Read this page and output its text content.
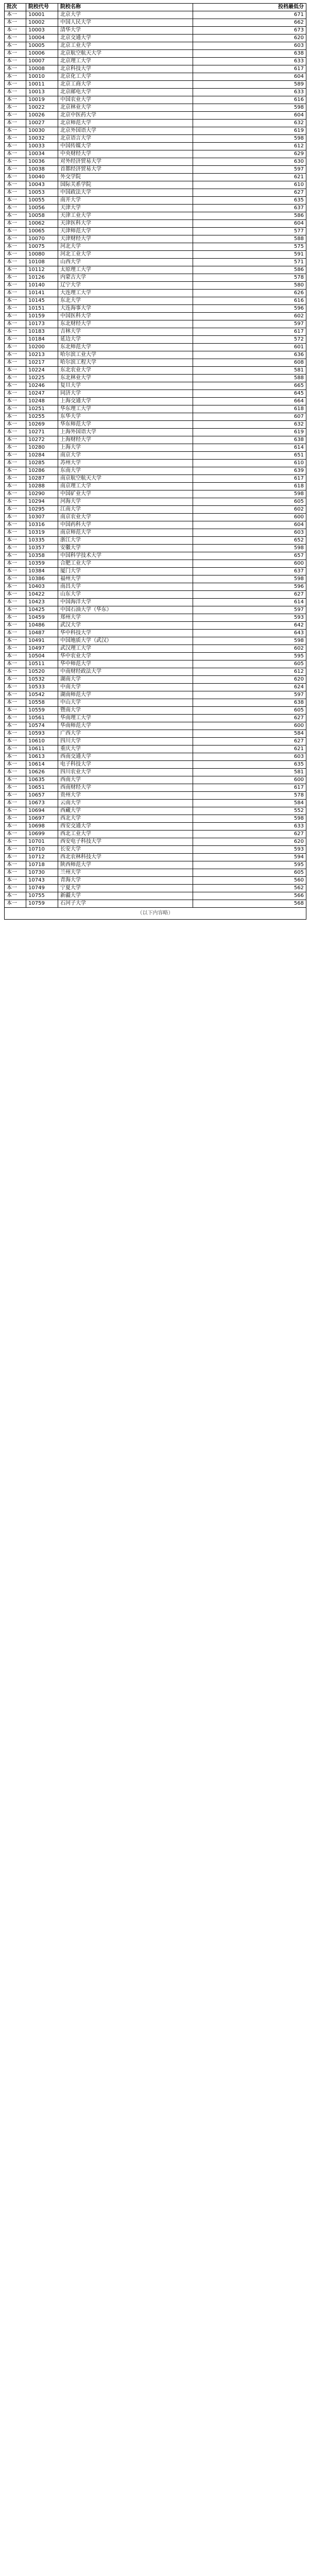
批次	院校代号	院校名称	投档最低分
本一	10001	北京大学	671
本一	10002	中国人民大学	662
本一	10003	清华大学	673
本一	10004	北京交通大学	620
本一	10005	北京工业大学	603
本一	10006	北京航空航天大学	638
本一	10007	北京理工大学	633
本一	10008	北京科技大学	617
本一	10010	北京化工大学	604
本一	10011	北京工商大学	589
本一	10013	北京邮电大学	633
本一	10019	中国农业大学	616
本一	10022	北京林业大学	598
本一	10026	北京中医药大学	604
本一	10027	北京师范大学	632
本一	10030	北京外国语大学	619
本一	10032	北京语言大学	598
本一	10033	中国传媒大学	612
本一	10034	中央财经大学	629
本一	10036	对外经济贸易大学	630
本一	10038	首都经济贸易大学	597
本一	10040	外交学院	621
本一	10043	国际关系学院	610
本一	10053	中国政法大学	627
本一	10055	南开大学	635
本一	10056	天津大学	637
本一	10058	天津工业大学	586
本一	10062	天津医科大学	604
本一	10065	天津师范大学	577
本一	10070	天津财经大学	588
本一	10075	河北大学	575
本一	10080	河北工业大学	591
本一	10108	山西大学	571
本一	10112	太原理工大学	586
本一	10126	内蒙古大学	578
本一	10140	辽宁大学	580
本一	10141	大连理工大学	626
本一	10145	东北大学	616
本一	10151	大连海事大学	596
本一	10159	中国医科大学	602
本一	10173	东北财经大学	597
本一	10183	吉林大学	617
本一	10184	延边大学	572
本一	10200	东北师范大学	601
本一	10213	哈尔滨工业大学	636
本一	10217	哈尔滨工程大学	608
本一	10224	东北农业大学	581
本一	10225	东北林业大学	588
本一	10246	复旦大学	665
本一	10247	同济大学	645
本一	10248	上海交通大学	664
本一	10251	华东理工大学	618
本一	10255	东华大学	607
本一	10269	华东师范大学	632
本一	10271	上海外国语大学	619
本一	10272	上海财经大学	638
本一	10280	上海大学	614
本一	10284	南京大学	651
本一	10285	苏州大学	610
本一	10286	东南大学	639
本一	10287	南京航空航天大学	617
本一	10288	南京理工大学	618
本一	10290	中国矿业大学	598
本一	10294	河海大学	605
本一	10295	江南大学	602
本一	10307	南京农业大学	600
本一	10316	中国药科大学	604
本一	10319	南京师范大学	603
本一	10335	浙江大学	652
本一	10357	安徽大学	598
本一	10358	中国科学技术大学	657
本一	10359	合肥工业大学	600
本一	10384	厦门大学	637
本一	10386	福州大学	598
本一	10403	南昌大学	596
本一	10422	山东大学	627
本一	10423	中国海洋大学	614
本一	10425	中国石油大学（华东）	597
本一	10459	郑州大学	593
本一	10486	武汉大学	642
本一	10487	华中科技大学	643
本一	10491	中国地质大学（武汉）	598
本一	10497	武汉理工大学	602
本一	10504	华中农业大学	595
本一	10511	华中师范大学	605
本一	10520	中南财经政法大学	612
本一	10532	湖南大学	620
本一	10533	中南大学	624
本一	10542	湖南师范大学	597
本一	10558	中山大学	638
本一	10559	暨南大学	605
本一	10561	华南理工大学	627
本一	10574	华南师范大学	600
本一	10593	广西大学	584
本一	10610	四川大学	627
本一	10611	重庆大学	621
本一	10613	西南交通大学	603
本一	10614	电子科技大学	635
本一	10626	四川农业大学	581
本一	10635	西南大学	600
本一	10651	西南财经大学	617
本一	10657	贵州大学	578
本一	10673	云南大学	584
本一	10694	西藏大学	552
本一	10697	西北大学	598
本一	10698	西安交通大学	633
本一	10699	西北工业大学	627
本一	10701	西安电子科技大学	620
本一	10710	长安大学	593
本一	10712	西北农林科技大学	594
本一	10718	陕西师范大学	595
本一	10730	兰州大学	605
本一	10743	青海大学	560
本一	10749	宁夏大学	562
本一	10755	新疆大学	566
本一	10759	石河子大学	568
（以下内容略）			
